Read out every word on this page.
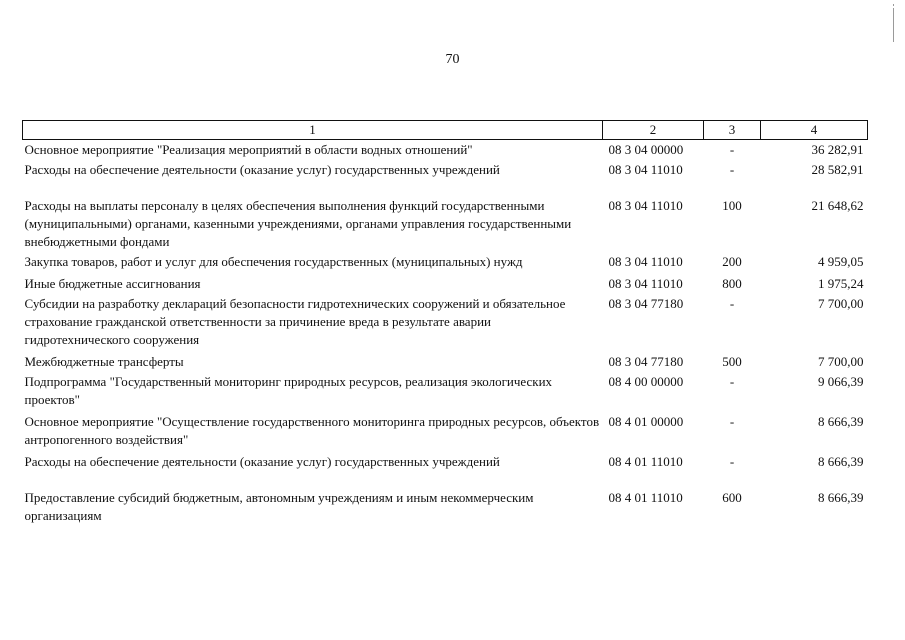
70
1	2	3	4
Основное мероприятие "Реализация мероприятий в области водных отношений"	08 3 04 00000	-	36 282,91
Расходы на обеспечение деятельности (оказание услуг) государственных учреждений	08 3 04 11010	-	28 582,91
Расходы на выплаты персоналу в целях обеспечения выполнения функций государственными (муниципальными) органами, казенными учреждениями, органами управления государственными внебюджетными фондами	08 3 04 11010	100	21 648,62
Закупка товаров, работ и услуг для обеспечения государственных (муниципальных) нужд	08 3 04 11010	200	4 959,05
Иные бюджетные ассигнования	08 3 04 11010	800	1 975,24
Субсидии на разработку деклараций безопасности гидротехнических сооружений и обязательное страхование гражданской ответственности за причинение вреда в результате аварии гидротехнического сооружения	08 3 04 77180	-	7 700,00
Межбюджетные трансферты	08 3 04 77180	500	7 700,00
Подпрограмма "Государственный мониторинг природных ресурсов, реализация экологических проектов"	08 4 00 00000	-	9 066,39
Основное мероприятие "Осуществление государственного мониторинга природных ресурсов, объектов антропогенного воздействия"	08 4 01 00000	-	8 666,39
Расходы на обеспечение деятельности (оказание услуг) государственных учреждений	08 4 01 11010	-	8 666,39
Предоставление субсидий бюджетным, автономным учреждениям и иным некоммерческим организациям	08 4 01 11010	600	8 666,39
